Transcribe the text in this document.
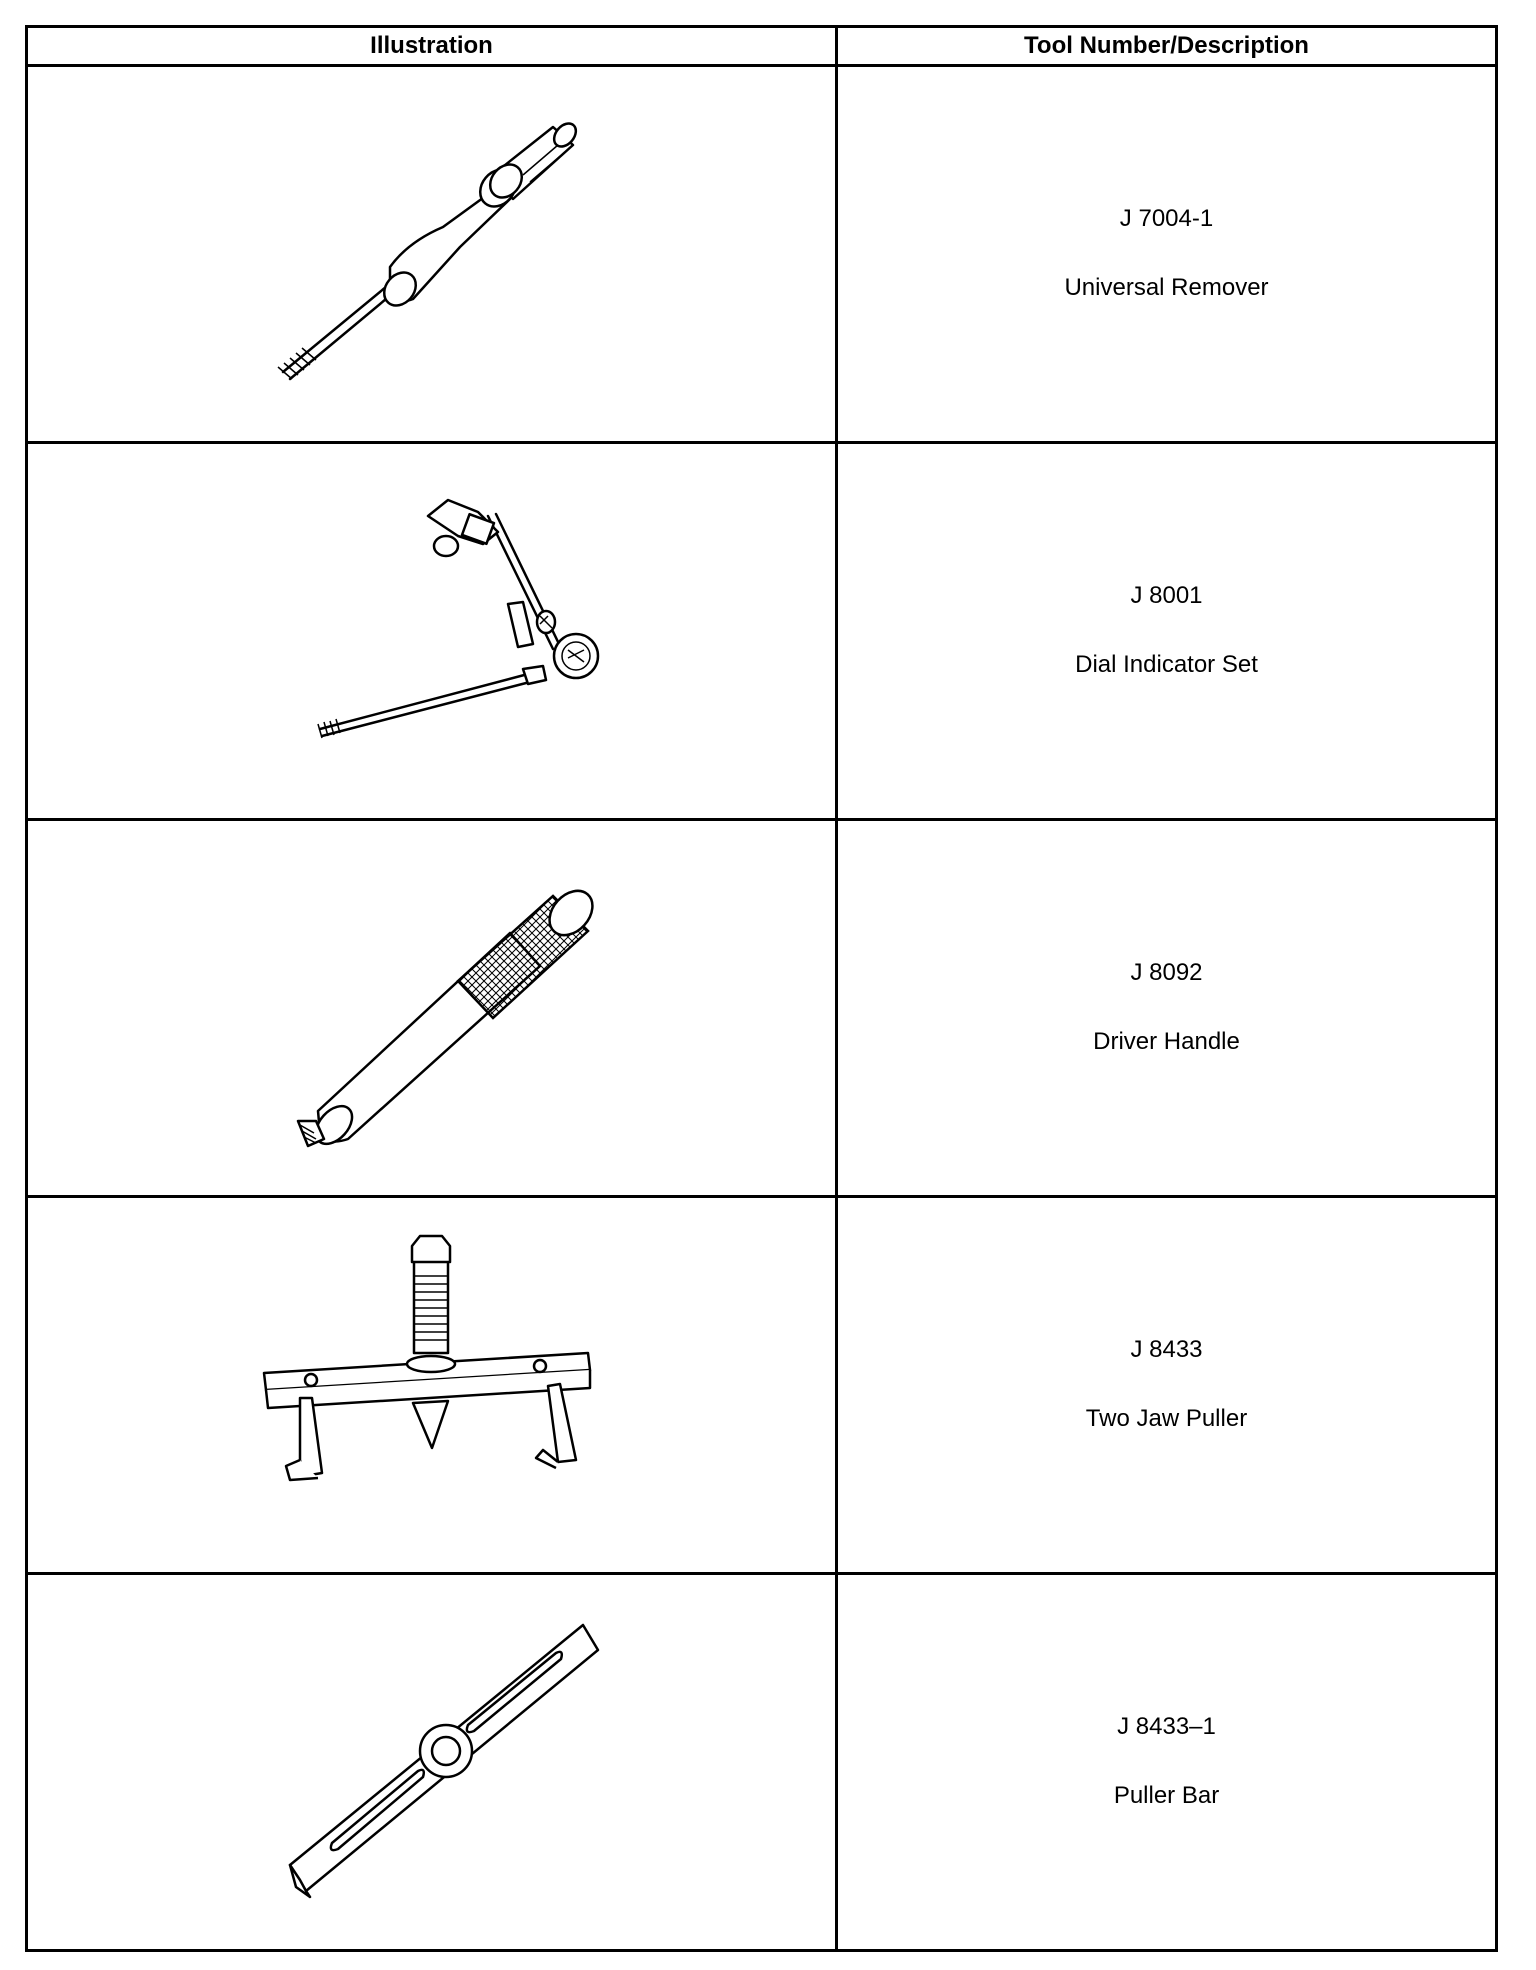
Illustration	Tool Number/Description

J 7004-1
Universal Remover

J 8001
Dial Indicator Set

J 8092
Driver Handle

J 8433
Two Jaw Puller

J 8433–1
Puller Bar
